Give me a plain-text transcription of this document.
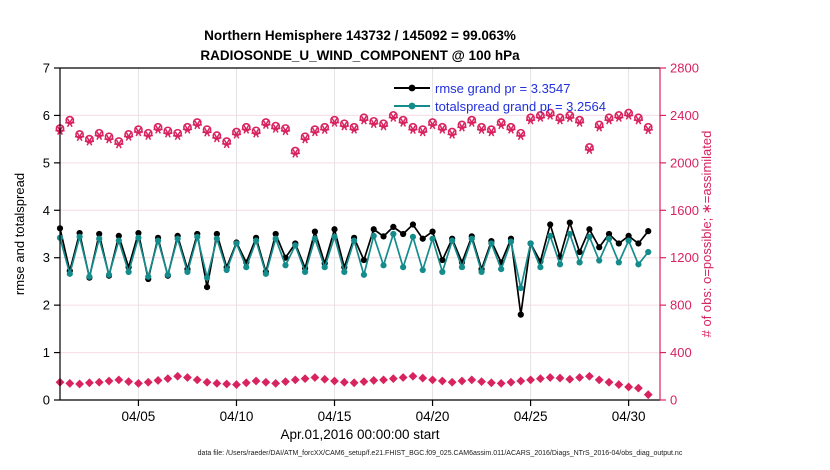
0
1
2
3
4
5
6
7
0
400
800
1200
1600
2000
2400
2800
04/05	04/10	04/15	04/20	04/25	04/30
Northern Hemisphere 143732 / 145092 = 99.063%
RADIOSONDE_U_WIND_COMPONENT @ 100 hPa
rmse and totalspread	# of obs: o=possible; ∗=assimilated
Apr.01,2016 00:00:00 start
rmse grand pr = 3.3547
totalspread grand pr = 3.2564
data file: /Users/raeder/DAI/ATM_forcXX/CAM6_setup/f.e21.FHIST_BGC.f09_025.CAM6assim.011/ACARS_2016/Diags_NTrS_2016-04/obs_diag_output.nc
